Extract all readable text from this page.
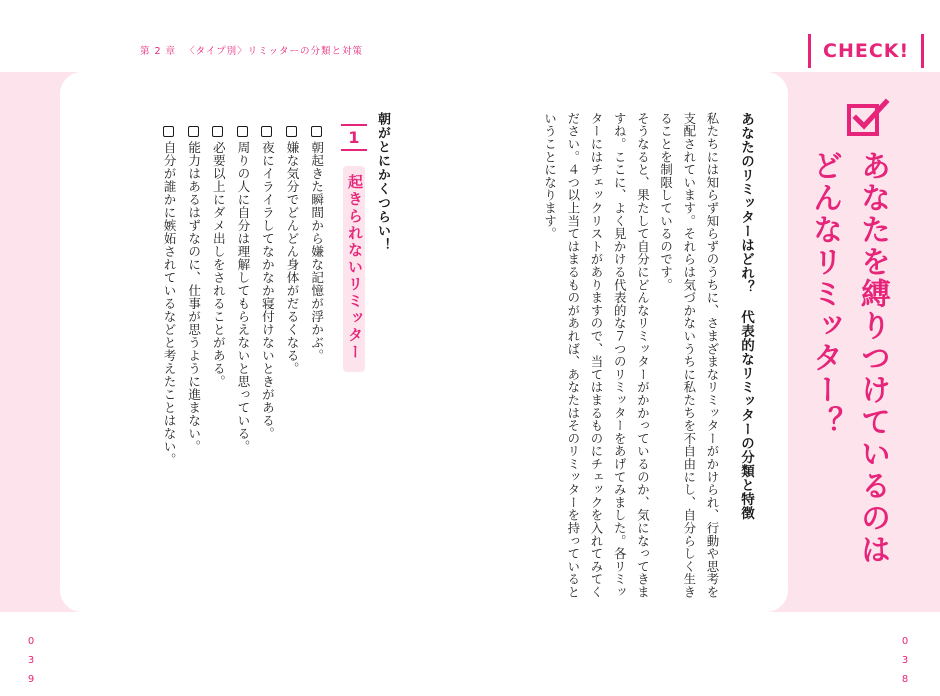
第 2 章 〈タイプ別〉リミッターの分類と対策	CHECK!
あなたを縛りつけているのは
どんなリミッター？
あなたのリミッターはどれ？代表的なリミッターの分類と特徴

私たちには知らず知らずのうちに、さまざまなリミッターがかけられ、行動や思考を支配されています。それらは気づかないうちに私たちを不自由にし、自分らしく生きることを制限しているのです。

そうなると、果たして自分にどんなリミッターがかかっているのか、気になってきますね。ここに、よく見かける代表的な７つのリミッターをあげてみました。各リミッターにはチェックリストがありますので、当てはまるものにチェックを入れてみてください。４つ以上当てはまるものがあれば、あなたはそのリミッターを持っているということになります。

朝がとにかくつらい！
1
起きられないリミッター
朝起きた瞬間から嫌な記憶が浮かぶ。
嫌な気分でどんどん身体がだるくなる。
夜にイライラしてなかなか寝付けないときがある。
周りの人に自分は理解してもらえないと思っている。
必要以上にダメ出しをされることがある。
能力はあるはずなのに、仕事が思うように進まない。
自分が誰かに嫉妬されているなどと考えたことはない。
0
3
9
0
3
8
